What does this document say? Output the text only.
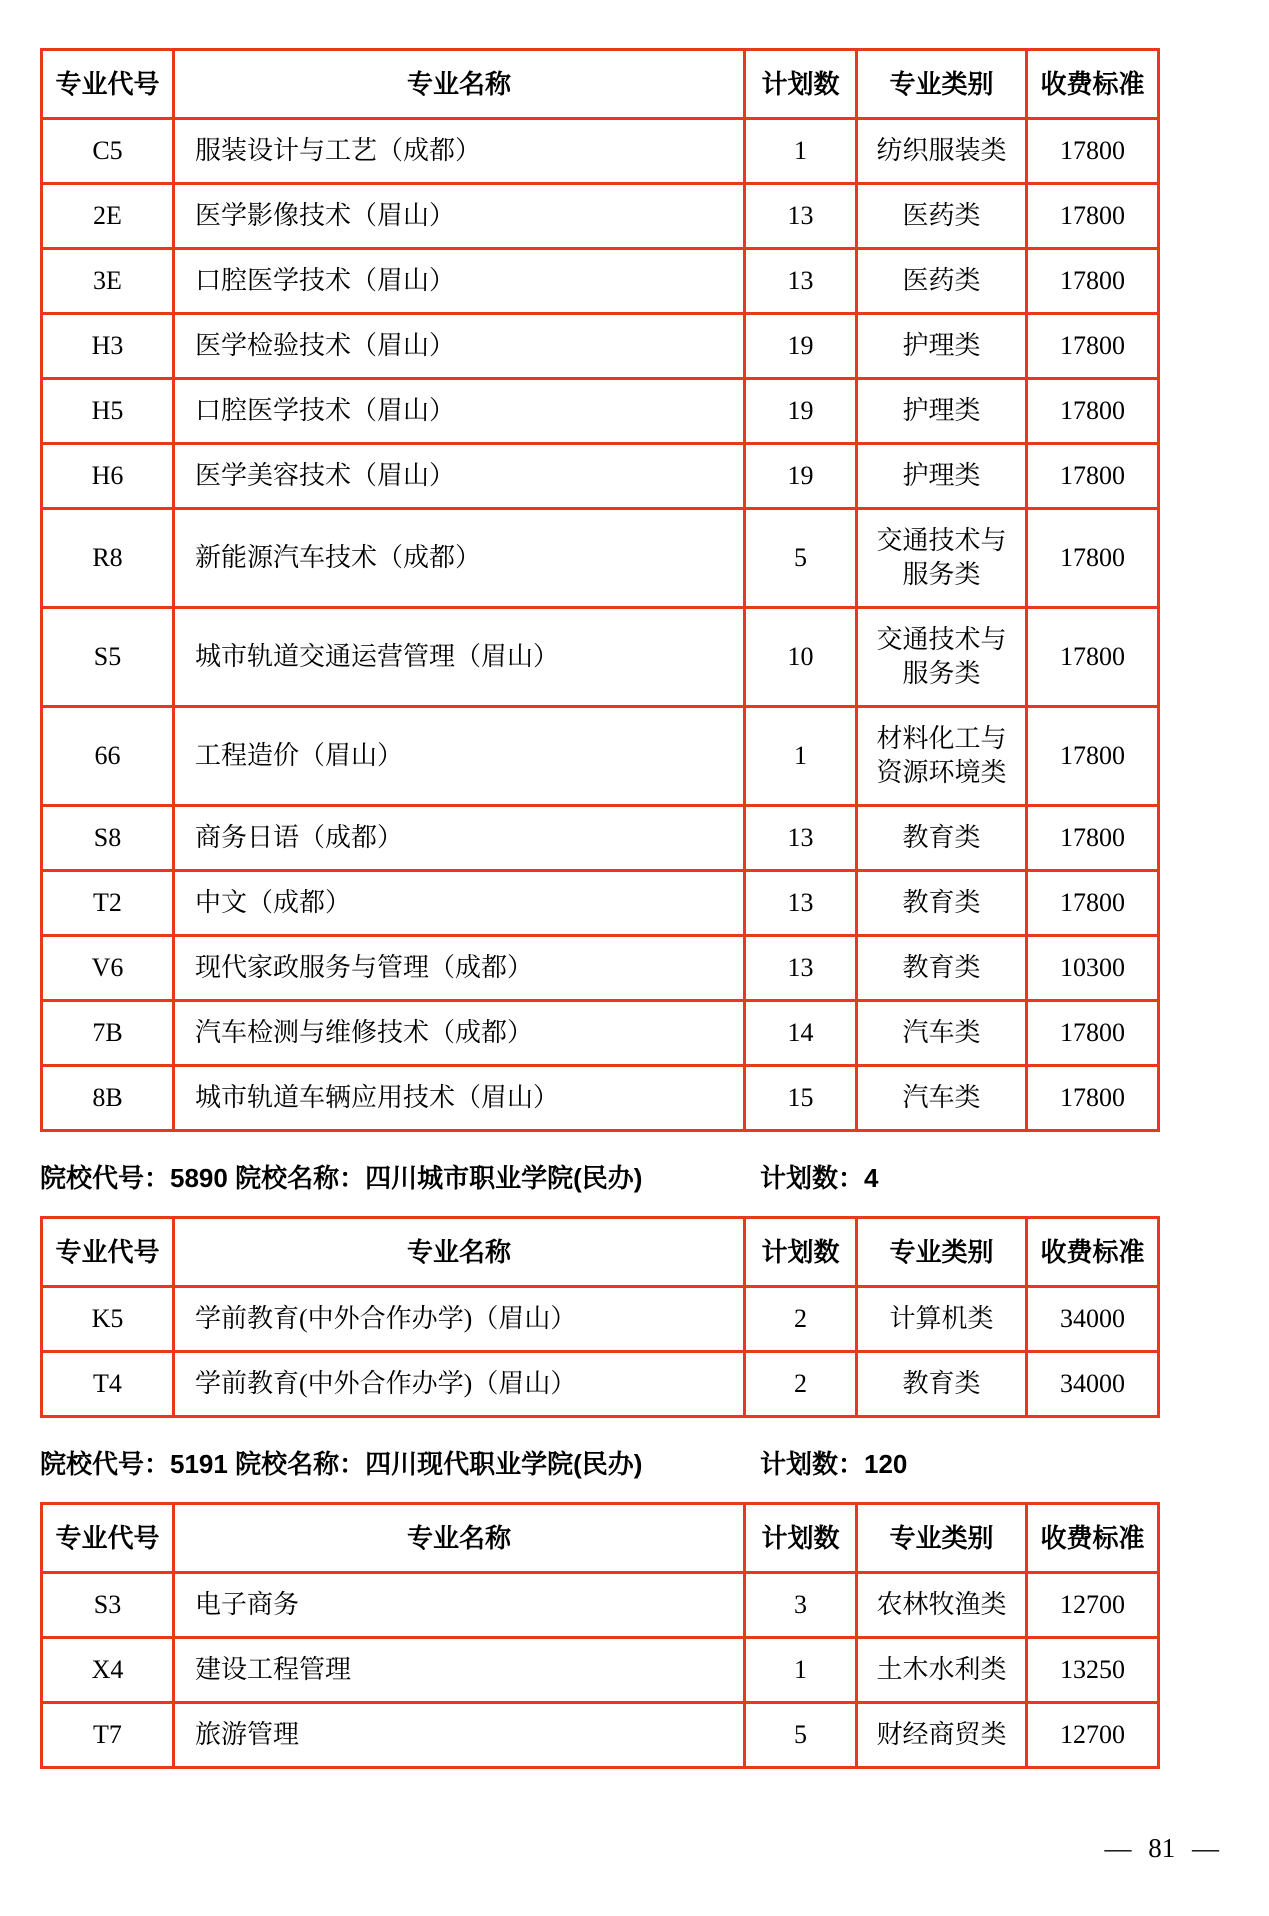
专业代号	专业名称	计划数	专业类别	收费标准
C5	服装设计与工艺（成都）	1	纺织服装类	17800
2E	医学影像技术（眉山）	13	医药类	17800
3E	口腔医学技术（眉山）	13	医药类	17800
H3	医学检验技术（眉山）	19	护理类	17800
H5	口腔医学技术（眉山）	19	护理类	17800
H6	医学美容技术（眉山）	19	护理类	17800
R8	新能源汽车技术（成都）	5	交通技术与服务类	17800
S5	城市轨道交通运营管理（眉山）	10	交通技术与服务类	17800
66	工程造价（眉山）	1	材料化工与资源环境类	17800
S8	商务日语（成都）	13	教育类	17800
T2	中文（成都）	13	教育类	17800
V6	现代家政服务与管理（成都）	13	教育类	10300
7B	汽车检测与维修技术（成都）	14	汽车类	17800
8B	城市轨道车辆应用技术（眉山）	15	汽车类	17800
院校代号：5890 院校名称：四川城市职业学院(民办)	计划数：4
专业代号	专业名称	计划数	专业类别	收费标准
K5	学前教育(中外合作办学)（眉山）	2	计算机类	34000
T4	学前教育(中外合作办学)（眉山）	2	教育类	34000
院校代号：5191 院校名称：四川现代职业学院(民办)	计划数：120
专业代号	专业名称	计划数	专业类别	收费标准
S3	电子商务	3	农林牧渔类	12700
X4	建设工程管理	1	土木水利类	13250
T7	旅游管理	5	财经商贸类	12700
— 81 —
